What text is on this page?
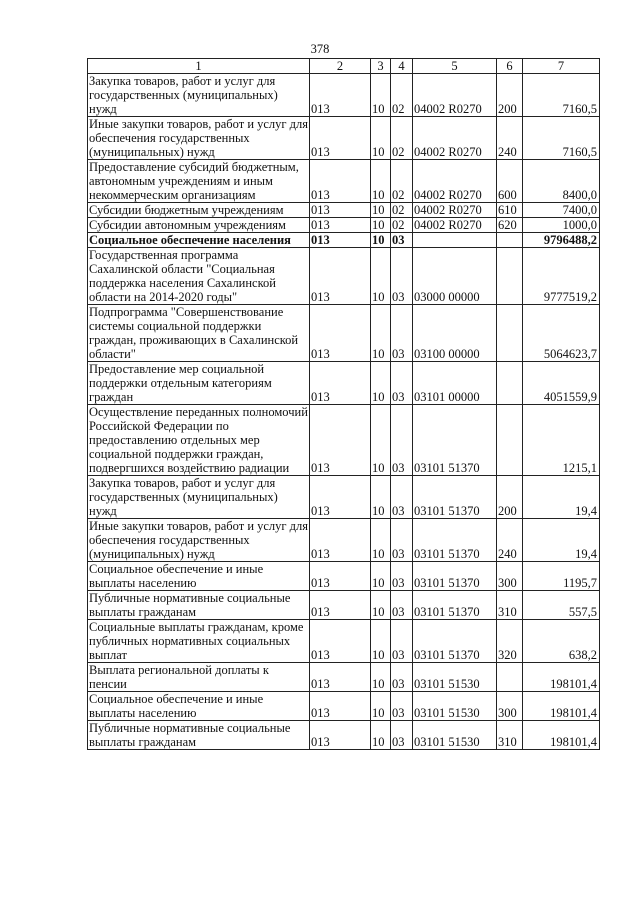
378
1	2	3	4	5	6	7
Закупка товаров, работ и услуг для государственных (муниципальных) нужд	013	10	02	04002 R0270	200	7160,5
Иные закупки товаров, работ и услуг для обеспечения государственных (муниципальных) нужд	013	10	02	04002 R0270	240	7160,5
Предоставление субсидий бюджетным, автономным учреждениям и иным некоммерческим организациям	013	10	02	04002 R0270	600	8400,0
Субсидии бюджетным учреждениям	013	10	02	04002 R0270	610	7400,0
Субсидии автономным учреждениям	013	10	02	04002 R0270	620	1000,0
Социальное обеспечение населения	013	10	03			9796488,2
Государственная программа Сахалинской области "Социальная поддержка населения Сахалинской области на 2014-2020 годы"	013	10	03	03000 00000		9777519,2
Подпрограмма "Совершенствование системы социальной поддержки граждан, проживающих в Сахалинской области"	013	10	03	03100 00000		5064623,7
Предоставление мер социальной поддержки отдельным категориям граждан	013	10	03	03101 00000		4051559,9
Осуществление переданных полномочий Российской Федерации по предоставлению отдельных мер социальной поддержки граждан, подвергшихся воздействию радиации	013	10	03	03101 51370		1215,1
Закупка товаров, работ и услуг для государственных (муниципальных) нужд	013	10	03	03101 51370	200	19,4
Иные закупки товаров, работ и услуг для обеспечения государственных (муниципальных) нужд	013	10	03	03101 51370	240	19,4
Социальное обеспечение и иные выплаты населению	013	10	03	03101 51370	300	1195,7
Публичные нормативные социальные выплаты гражданам	013	10	03	03101 51370	310	557,5
Социальные выплаты гражданам, кроме публичных нормативных социальных выплат	013	10	03	03101 51370	320	638,2
Выплата региональной доплаты к пенсии	013	10	03	03101 51530		198101,4
Социальное обеспечение и иные выплаты населению	013	10	03	03101 51530	300	198101,4
Публичные нормативные социальные выплаты гражданам	013	10	03	03101 51530	310	198101,4
